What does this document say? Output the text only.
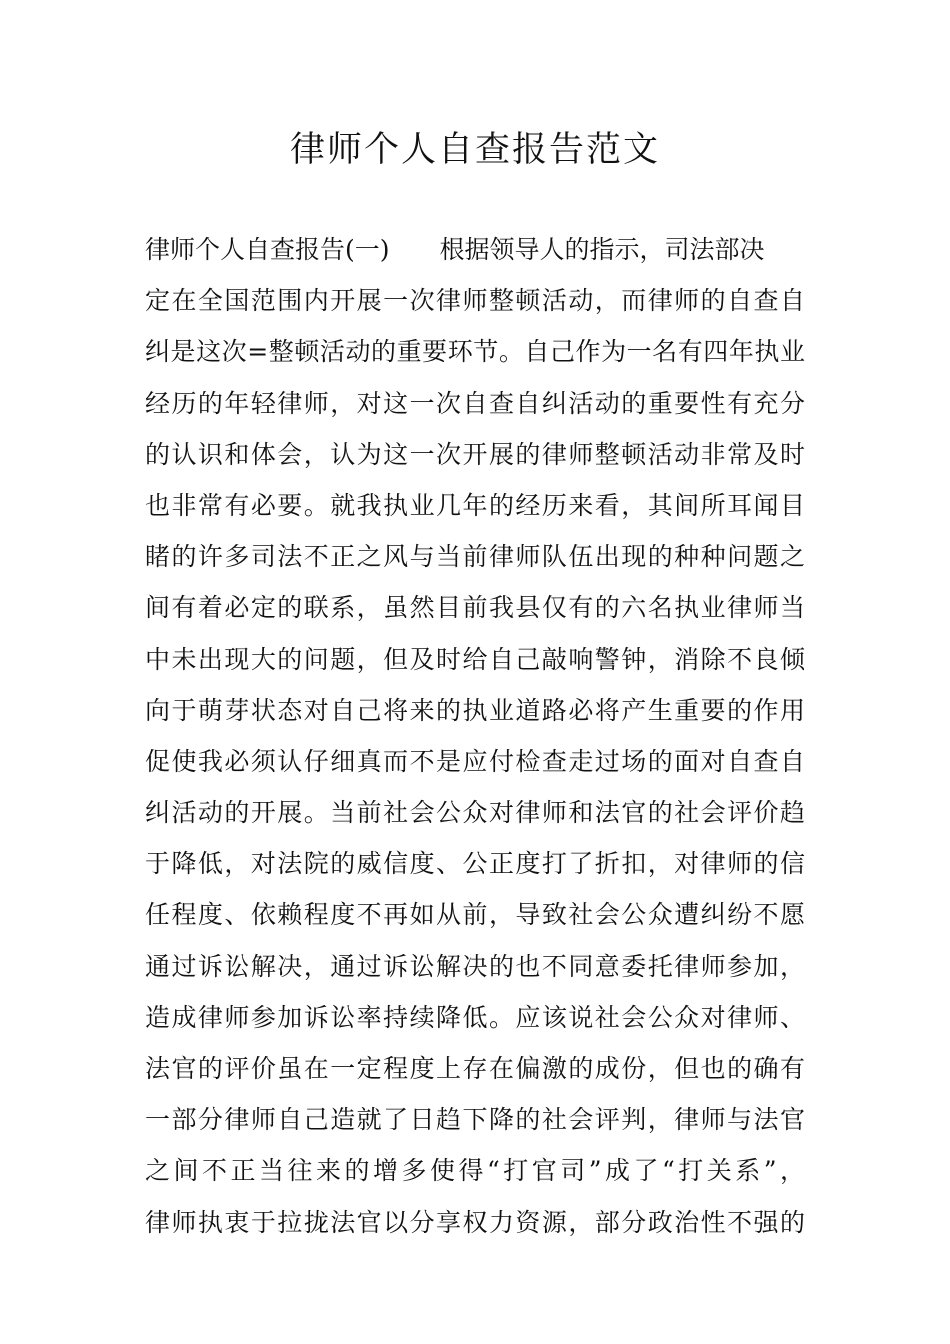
律师个人自查报告范文
律师个人自查报告(一) 根据领导人的指示，司法部决
定在全国范围内开展一次律师整顿活动，而律师的自查自
纠是这次=整顿活动的重要环节。自己作为一名有四年执业
经历的年轻律师，对这一次自查自纠活动的重要性有充分
的认识和体会，认为这一次开展的律师整顿活动非常及时
也非常有必要。就我执业几年的经历来看，其间所耳闻目
睹的许多司法不正之风与当前律师队伍出现的种种问题之
间有着必定的联系，虽然目前我县仅有的六名执业律师当
中未出现大的问题，但及时给自己敲响警钟，消除不良倾
向于萌芽状态对自己将来的执业道路必将产生重要的作用
促使我必须认仔细真而不是应付检查走过场的面对自查自
纠活动的开展。当前社会公众对律师和法官的社会评价趋
于降低，对法院的威信度、公正度打了折扣，对律师的信
任程度、依赖程度不再如从前，导致社会公众遭纠纷不愿
通过诉讼解决，通过诉讼解决的也不同意委托律师参加，
造成律师参加诉讼率持续降低。应该说社会公众对律师、
法官的评价虽在一定程度上存在偏激的成份，但也的确有
一部分律师自己造就了日趋下降的社会评判，律师与法官
之间不正当往来的增多使得“打官司”成了“打关系”，
律师执衷于拉拢法官以分享权力资源，部分政治性不强的
